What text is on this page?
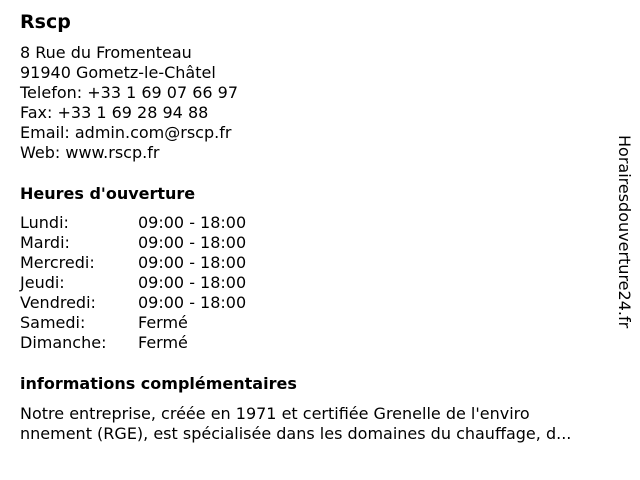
Rscp
8 Rue du Fromenteau
91940 Gometz-le-Châtel
Telefon: +33 1 69 07 66 97
Fax: +33 1 69 28 94 88
Email: admin.com@rscp.fr
Web: www.rscp.fr
Heures d'ouverture
Lundi:	09:00 - 18:00
Mardi:	09:00 - 18:00
Mercredi:	09:00 - 18:00
Jeudi:	09:00 - 18:00
Vendredi:	09:00 - 18:00
Samedi:	Fermé
Dimanche: Fermé
informations complémentaires
Notre entreprise, créée en 1971 et certifiée Grenelle de l'enviro
nnement (RGE), est spécialisée dans les domaines du chauffage, d...
Horairesdouverture24.fr
